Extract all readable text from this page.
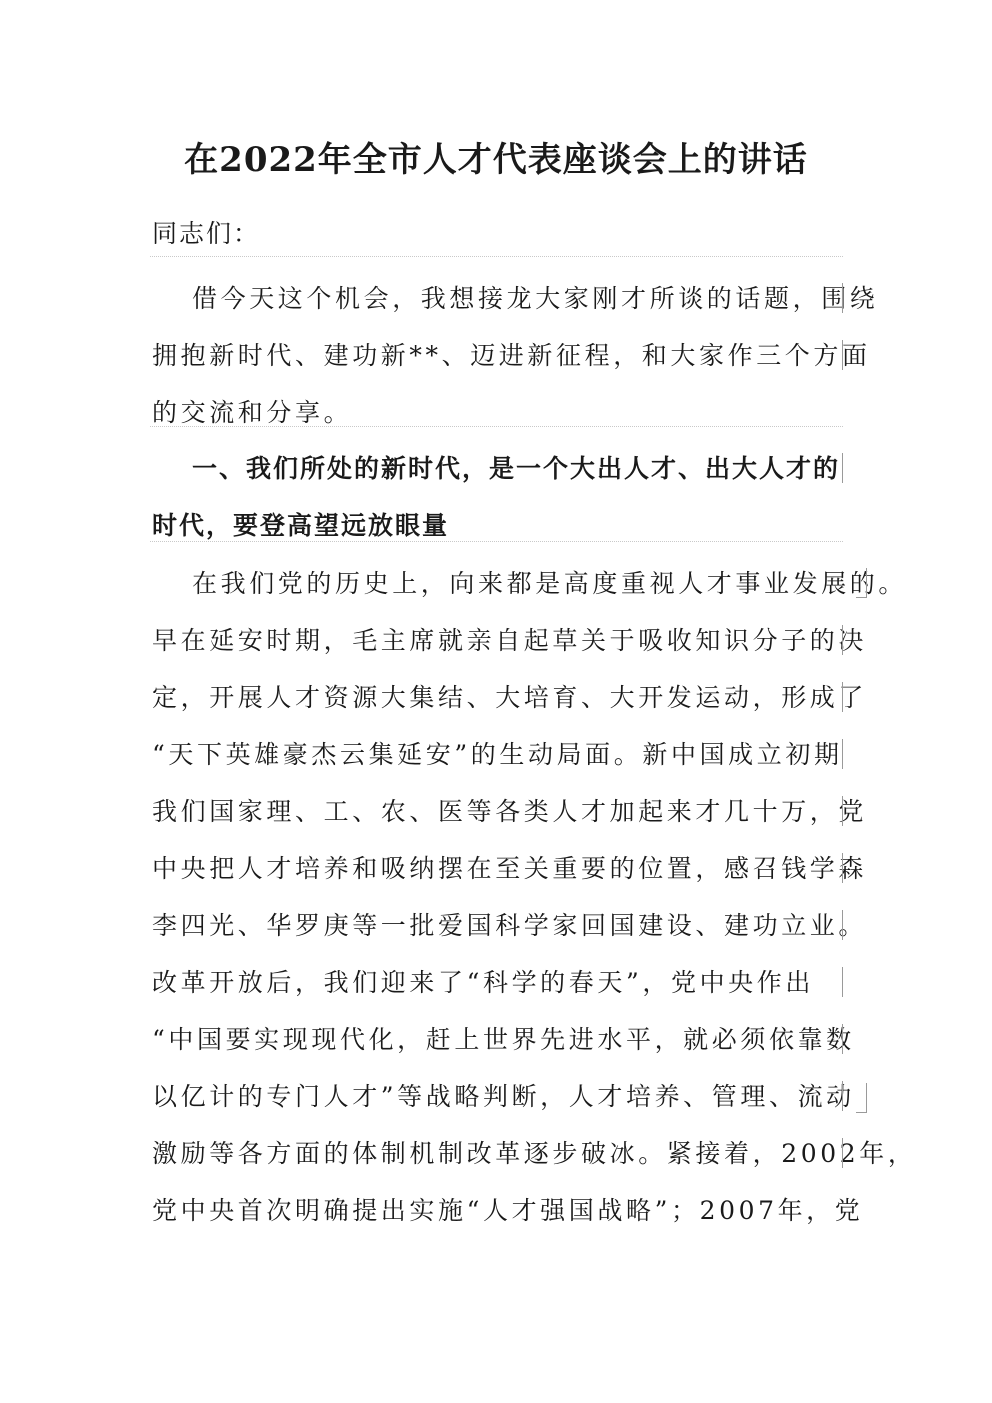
在2022年全市人才代表座谈会上的讲话

同志们：

借今天这个机会，我想接龙大家刚才所谈的话题，围绕
拥抱新时代、建功新**、迈进新征程，和大家作三个方面
的交流和分享。
一、我们所处的新时代，是一个大出人才、出大人才的
时代，要登高望远放眼量
在我们党的历史上，向来都是高度重视人才事业发展的。
早在延安时期，毛主席就亲自起草关于吸收知识分子的决
定，开展人才资源大集结、大培育、大开发运动，形成了
“天下英雄豪杰云集延安”的生动局面。新中国成立初期
我们国家理、工、农、医等各类人才加起来才几十万，党
中央把人才培养和吸纳摆在至关重要的位置，感召钱学森
李四光、华罗庚等一批爱国科学家回国建设、建功立业。
改革开放后，我们迎来了“科学的春天”，党中央作出
“中国要实现现代化，赶上世界先进水平，就必须依靠数
以亿计的专门人才”等战略判断，人才培养、管理、流动
激励等各方面的体制机制改革逐步破冰。紧接着，2002年，
党中央首次明确提出实施“人才强国战略”；2007年，党
